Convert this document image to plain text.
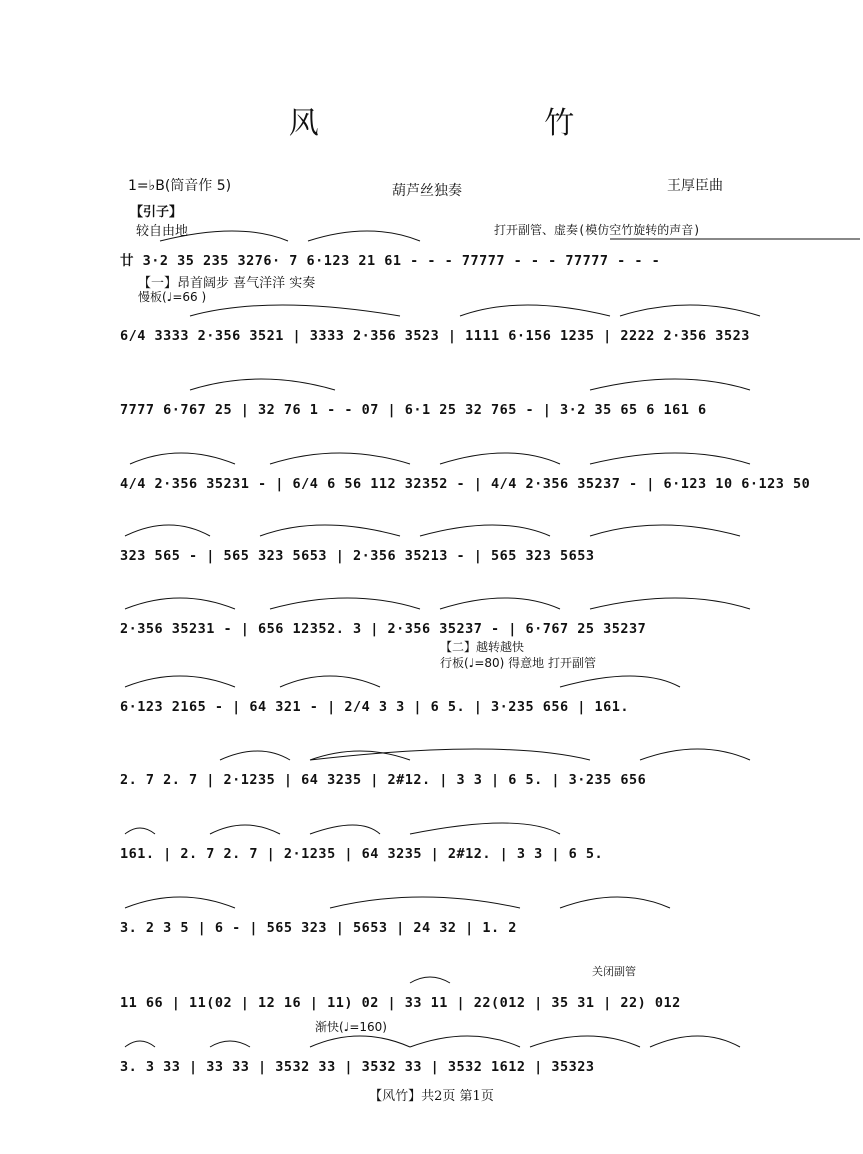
风 竹
1=♭B(筒音作 5)	葫芦丝独奏	王厚臣曲
【引子】
较自由地	打开副管、虚奏(模仿空竹旋转的声音)
【一】昂首阔步 喜气洋洋 实奏
慢板(♩=66 )
【二】越转越快
行板(♩=80) 得意地 打开副管
关闭副管
渐快(♩=160)
廿 3·2 35 235 3276· 7 6·123 21 61 - - - 77777 - - - 77777 - - -
6/4 3333 2·356 3521 | 3333 2·356 3523 | 1111 6·156 1235 | 2222 2·356 3523
7777 6·767 25 | 32 76 1 - - 07 | 6·1 25 32 765 - | 3·2 35 65 6 161 6
4/4 2·356 35231 - | 6/4 6 56 112 32352 - | 4/4 2·356 35237 - | 6·123 10 6·123 50
323 565 - | 565 323 5653 | 2·356 35213 - | 565 323 5653
2·356 35231 - | 656 12352. 3 | 2·356 35237 - | 6·767 25 35237
6·123 2165 - | 64 321 - | 2/4 3 3 | 6 5. | 3·235 656 | 161.
2. 7 2. 7 | 2·1235 | 64 3235 | 2#12. | 3 3 | 6 5. | 3·235 656
161. | 2. 7 2. 7 | 2·1235 | 64 3235 | 2#12. | 3 3 | 6 5.
3. 2 3 5 | 6 - | 565 323 | 5653 | 24 32 | 1. 2
11 66 | 11(02 | 12 16 | 11) 02 | 33 11 | 22(012 | 35 31 | 22) 012
3. 3 33 | 33 33 | 3532 33 | 3532 33 | 3532 1612 | 35323
【风竹】共2页 第1页
